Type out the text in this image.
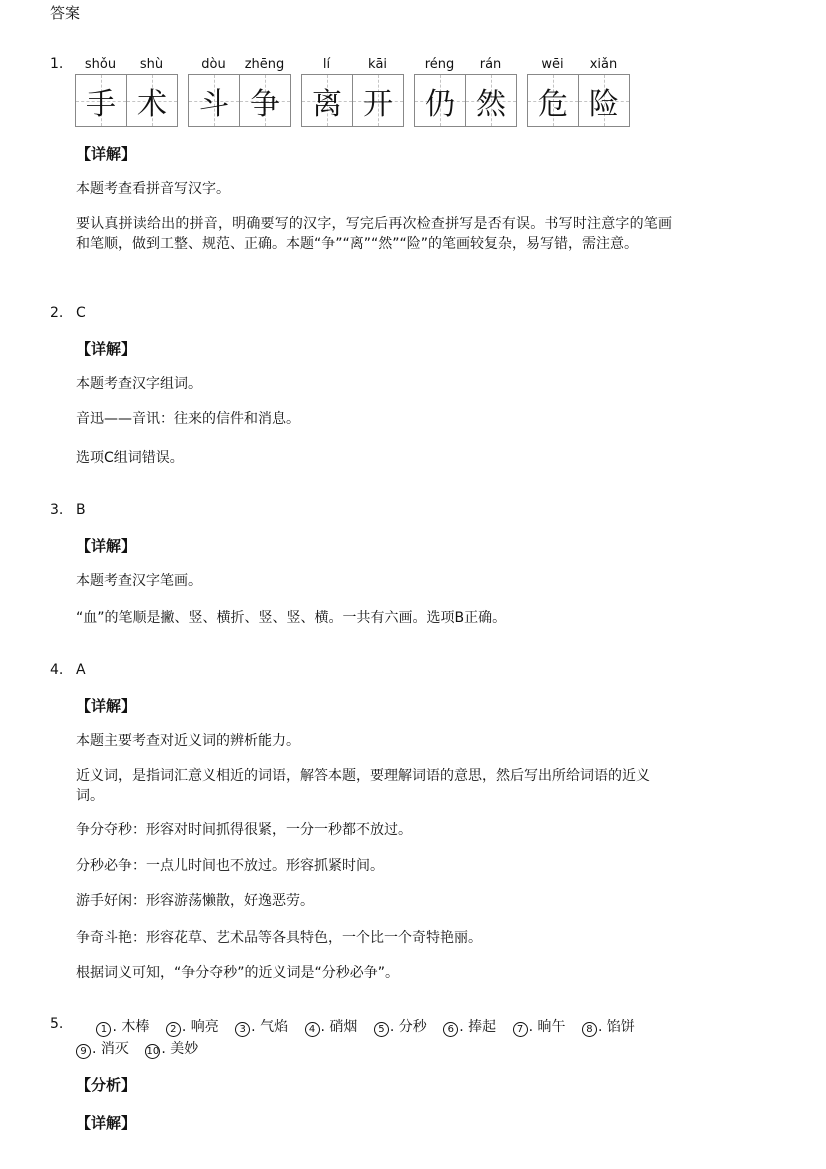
答案
1.	shǒu	shù
手 术
dòu	zhēng
斗 争
lí	kāi
离 开
réng	rán
仍 然
wēi	xiǎn
危 险
【详解】
本题考查看拼音写汉字。
要认真拼读给出的拼音，明确要写的汉字，写完后再次检查拼写是否有误。书写时注意字的笔画和笔顺，做到工整、规范、正确。本题“争”“离”“然”“险”的笔画较复杂，易写错，需注意。
2. C
【详解】
本题考查汉字组词。
音迅——音讯：往来的信件和消息。
选项C组词错误。
3. B
【详解】
本题考查汉字笔画。
“血”的笔顺是撇、竖、横折、竖、竖、横。一共有六画。选项B正确。
4. A
【详解】
本题主要考查对近义词的辨析能力。
近义词，是指词汇意义相近的词语，解答本题，要理解词语的意思，然后写出所给词语的近义词。
争分夺秒：形容对时间抓得很紧，一分一秒都不放过。
分秒必争：一点儿时间也不放过。形容抓紧时间。
游手好闲：形容游荡懒散，好逸恶劳。
争奇斗艳：形容花草、艺术品等各具特色，一个比一个奇特艳丽。
根据词义可知，“争分夺秒”的近义词是“分秒必争”。
5.	1 . 木棒 2 . 响亮 3 . 气焰 4 . 硝烟 5 . 分秒 6 . 捧起 7 . 晌午 8 . 馅饼 9 . 消灭 10 . 美妙
【分析】
【详解】
